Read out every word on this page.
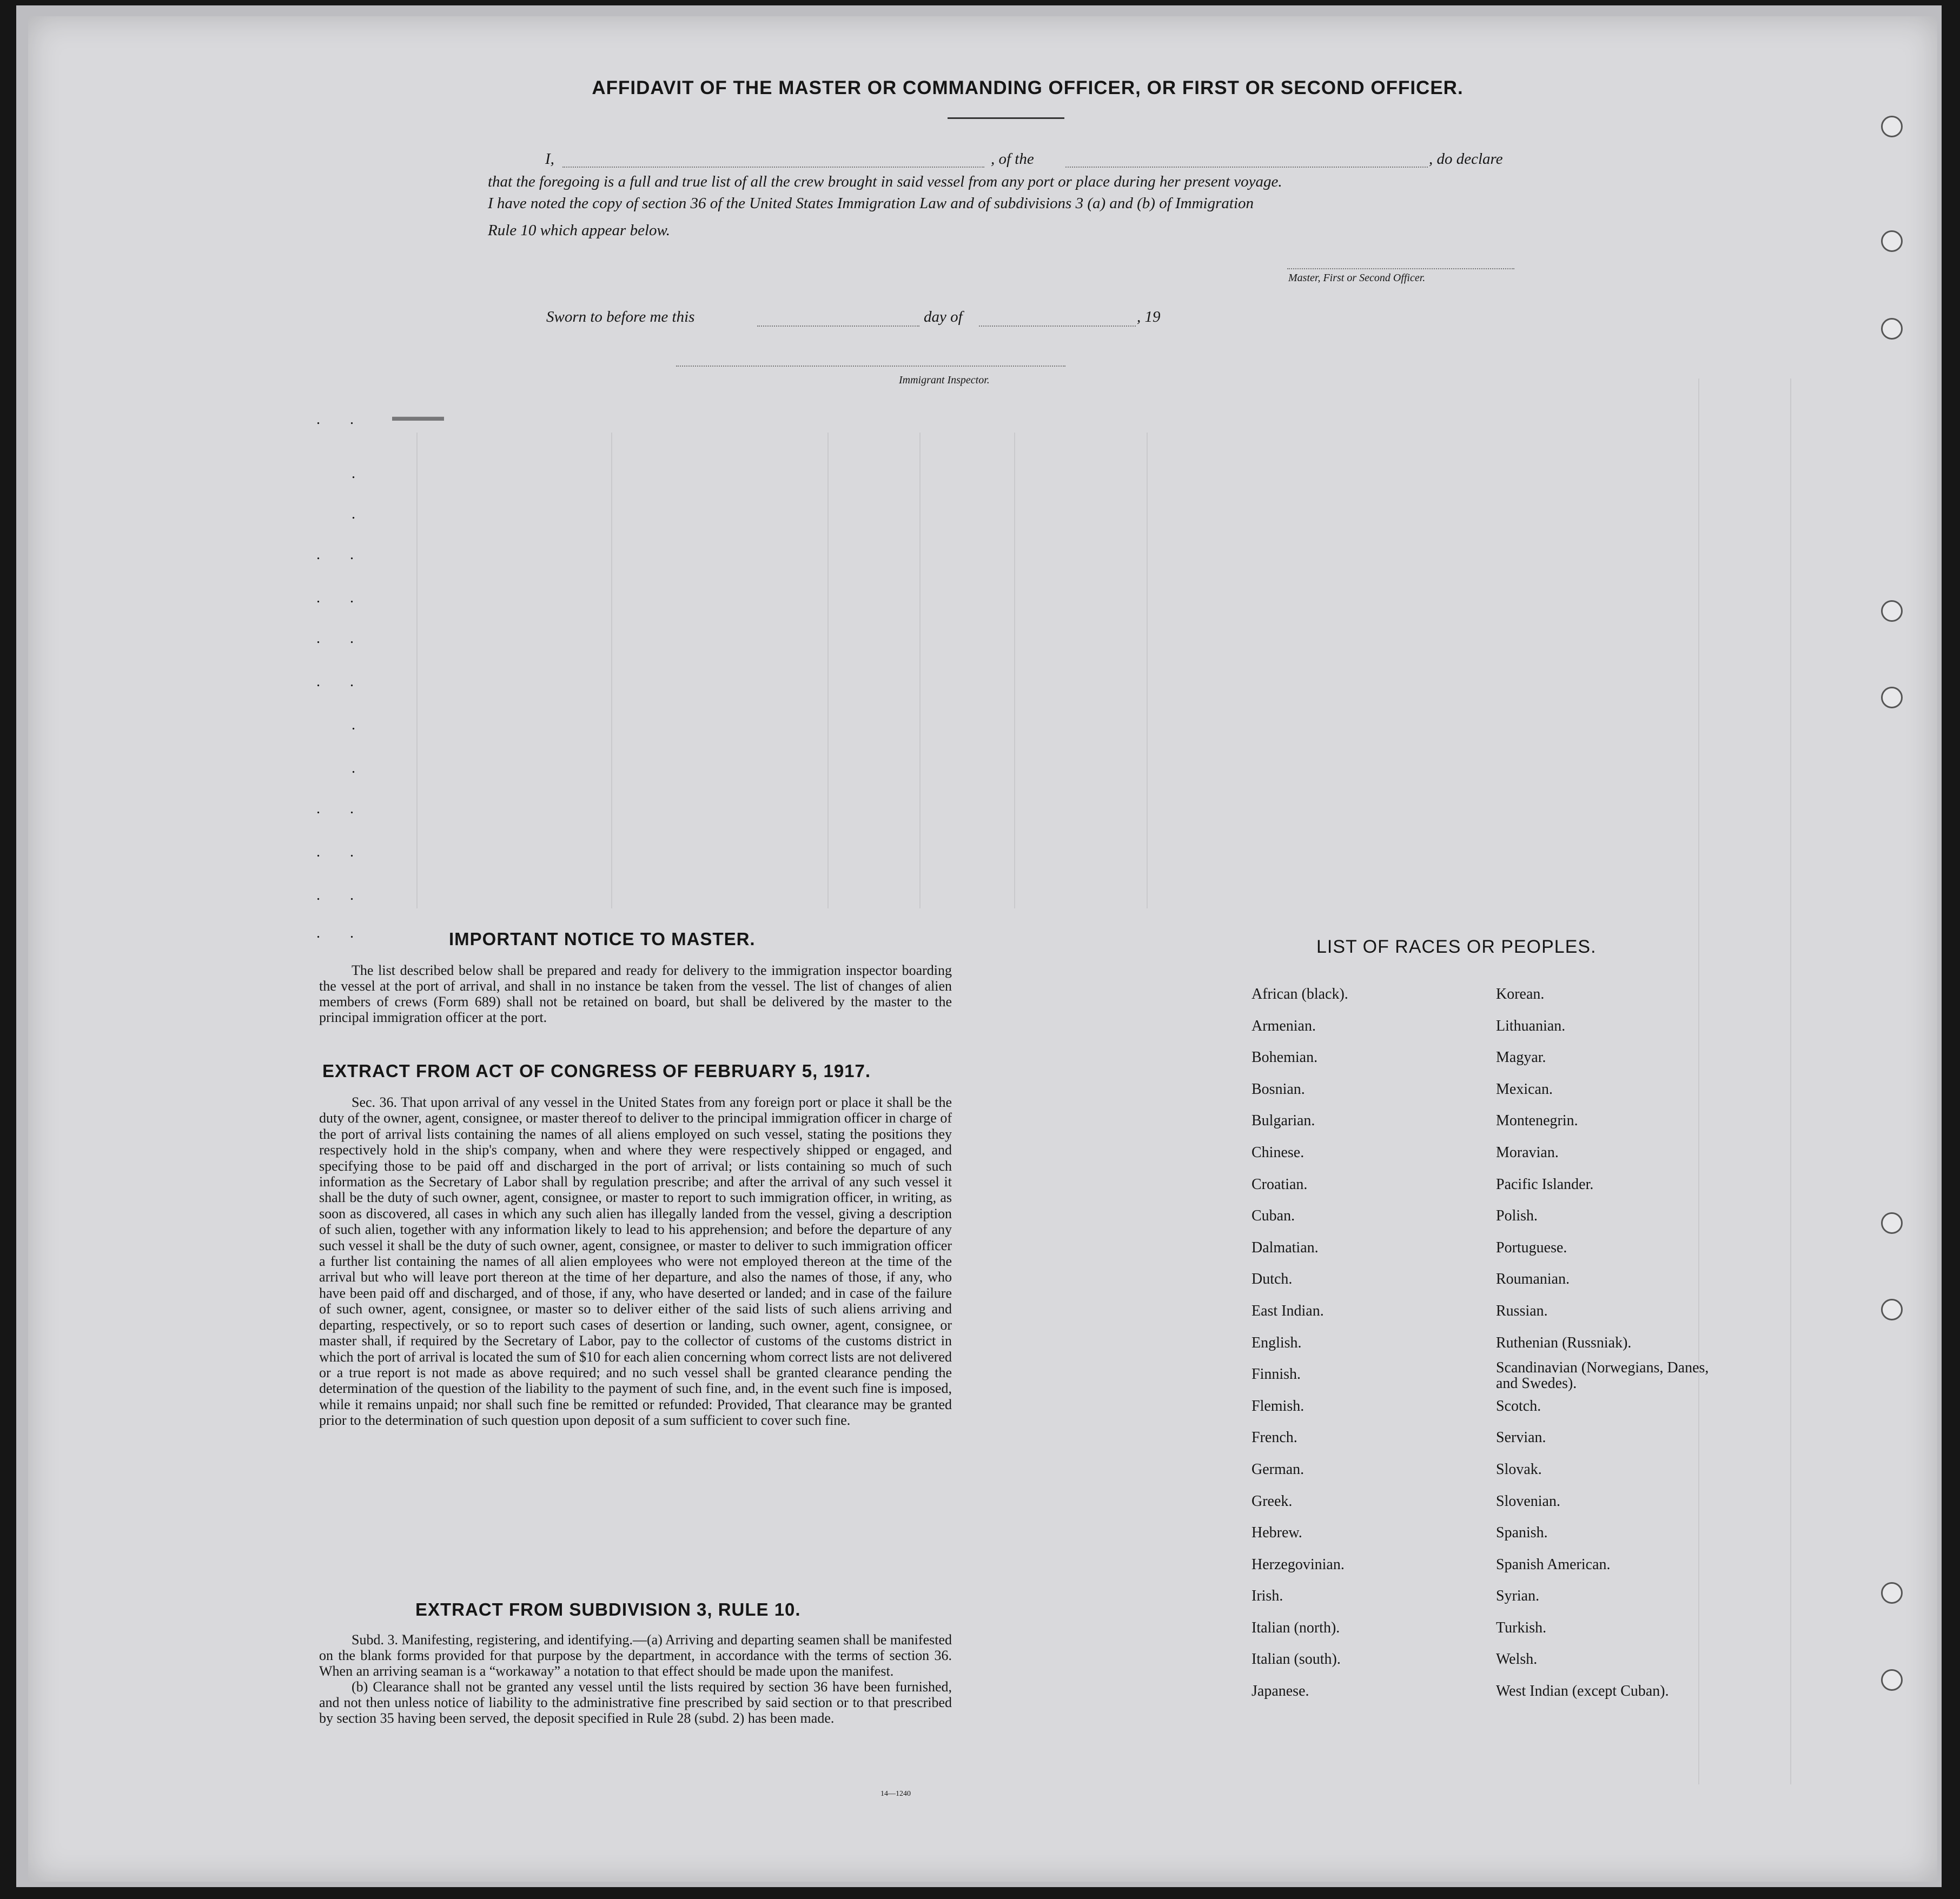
AFFIDAVIT OF THE MASTER OR COMMANDING OFFICER, OR FIRST OR SECOND OFFICER.
I,	, of the	, do declare
that the foregoing is a full and true list of all the crew brought in said vessel from any port or place during her present voyage.
I have noted the copy of section 36 of the United States Immigration Law and of subdivisions 3 (a) and (b) of Immigration
Rule 10 which appear below.
Master, First or Second Officer.
Sworn to before me this	day of	, 19
Immigrant Inspector.
. .
.
.
. .
. .
. .
. .
.
.
. .
. .
. .
. .
▬▬▬▬
IMPORTANT NOTICE TO MASTER.

The list described below shall be prepared and ready for delivery to the immigration inspector boarding the vessel at the port of arrival, and shall in no instance be taken from the vessel. The list of changes of alien members of crews (Form 689) shall not be retained on board, but shall be delivered by the master to the principal immigration officer at the port.

EXTRACT FROM ACT OF CONGRESS OF FEBRUARY 5, 1917.

Sec. 36. That upon arrival of any vessel in the United States from any foreign port or place it shall be the duty of the owner, agent, consignee, or master thereof to deliver to the principal immigration officer in charge of the port of arrival lists containing the names of all aliens employed on such vessel, stating the positions they respectively hold in the ship's company, when and where they were respectively shipped or engaged, and specifying those to be paid off and discharged in the port of arrival; or lists containing so much of such information as the Secretary of Labor shall by regulation prescribe; and after the arrival of any such vessel it shall be the duty of such owner, agent, consignee, or master to report to such immigration officer, in writing, as soon as discovered, all cases in which any such alien has illegally landed from the vessel, giving a description of such alien, together with any information likely to lead to his apprehension; and before the departure of any such vessel it shall be the duty of such owner, agent, consignee, or master to deliver to such immigration officer a further list containing the names of all alien employees who were not employed thereon at the time of the arrival but who will leave port thereon at the time of her departure, and also the names of those, if any, who have been paid off and discharged, and of those, if any, who have deserted or landed; and in case of the failure of such owner, agent, consignee, or master so to deliver either of the said lists of such aliens arriving and departing, respectively, or so to report such cases of desertion or landing, such owner, agent, consignee, or master shall, if required by the Secretary of Labor, pay to the collector of customs of the customs district in which the port of arrival is located the sum of $10 for each alien concerning whom correct lists are not delivered or a true report is not made as above required; and no such vessel shall be granted clearance pending the determination of the question of the liability to the payment of such fine, and, in the event such fine is imposed, while it remains unpaid; nor shall such fine be remitted or refunded: Provided, That clearance may be granted prior to the determination of such question upon deposit of a sum sufficient to cover such fine.

EXTRACT FROM SUBDIVISION 3, RULE 10.

Subd. 3. Manifesting, registering, and identifying.—(a) Arriving and departing seamen shall be manifested on the blank forms provided for that purpose by the department, in accordance with the terms of section 36. When an arriving seaman is a “workaway” a notation to that effect should be made upon the manifest.

(b) Clearance shall not be granted any vessel until the lists required by section 36 have been furnished, and not then unless notice of liability to the administrative fine prescribed by said section or to that prescribed by section 35 having been served, the deposit specified in Rule 28 (subd. 2) has been made.

14—1240
LIST OF RACES OR PEOPLES.
African (black).
Armenian.
Bohemian.
Bosnian.
Bulgarian.
Chinese.
Croatian.
Cuban.
Dalmatian.
Dutch.
East Indian.
English.
Finnish.
Flemish.
French.
German.
Greek.
Hebrew.
Herzegovinian.
Irish.
Italian (north).
Italian (south).
Japanese.
Korean.
Lithuanian.
Magyar.
Mexican.
Montenegrin.
Moravian.
Pacific Islander.
Polish.
Portuguese.
Roumanian.
Russian.
Ruthenian (Russniak).
Scandinavian (Norwegians, Danes, and Swedes).
Scotch.
Servian.
Slovak.
Slovenian.
Spanish.
Spanish American.
Syrian.
Turkish.
Welsh.
West Indian (except Cuban).
